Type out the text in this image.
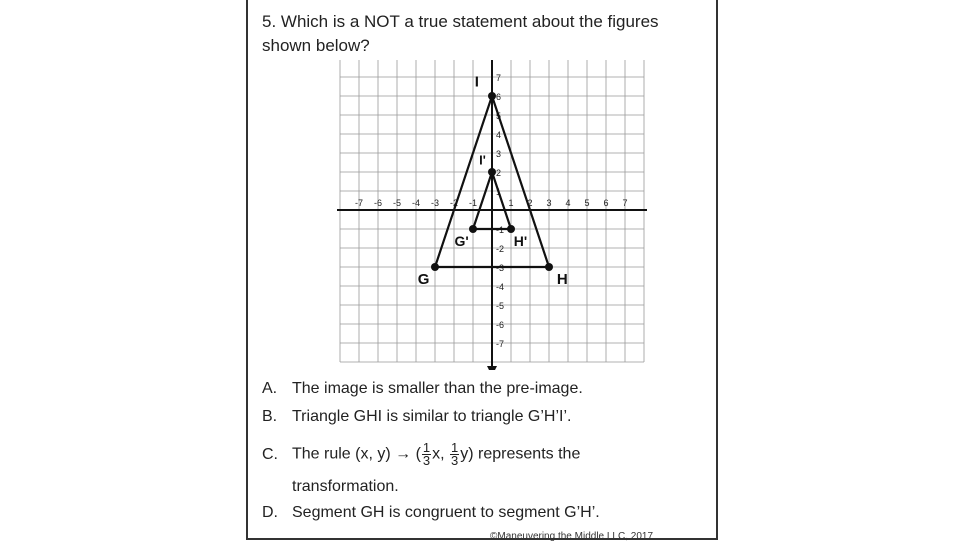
5. Which is a NOT a true statement about the figures shown below?
-7 -6 -5 -4 -3 -2 -1	1 2 3 4 5 6 7
7
6
5
4
3
2
1
-1
-2
-3
-4
-5
-6
-7
I
I'
G	H
G'	H'
A. The image is smaller than the pre-image.
B. Triangle GHI is similar to triangle G’H’I’.
C. The rule (x, y) → ( $\frac{1}{3} x$, $\frac{1}{3} y$) represents the
transformation.
D. Segment GH is congruent to segment G’H’.
©Maneuvering the Middle LLC, 2017
